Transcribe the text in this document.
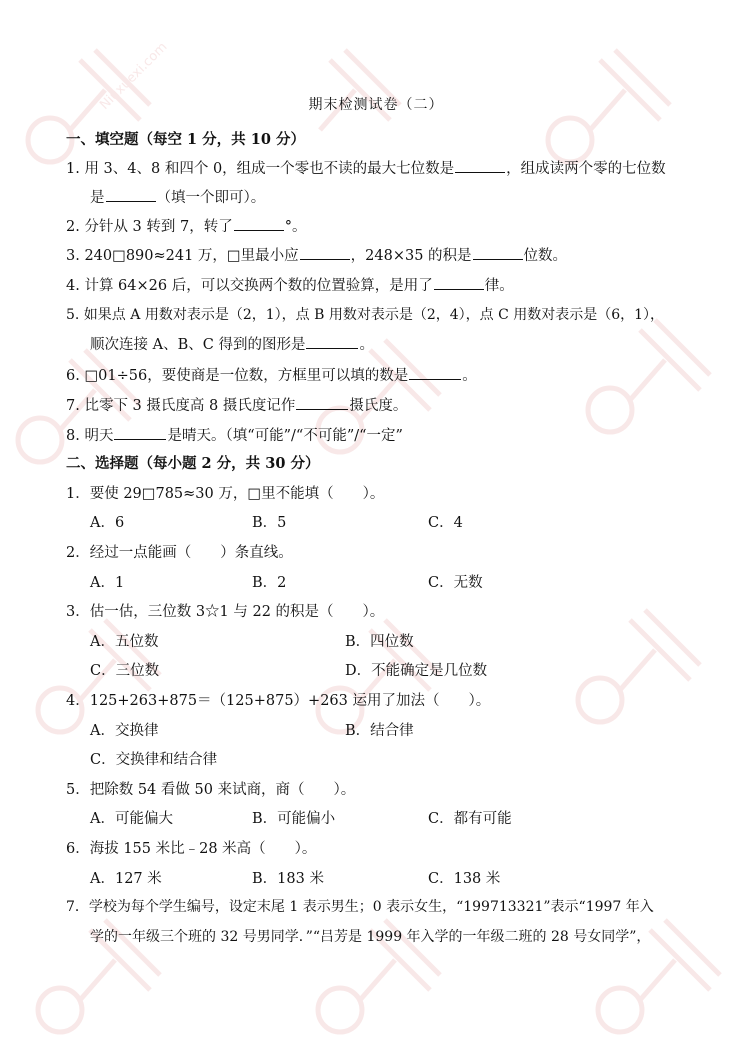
Niuxuexi.com	期末检测试卷（二）
一、填空题（每空 1 分，共 10 分）
1. 用 3、4、8 和四个 0，组成一个零也不读的最大七位数是	，组成读两个零的七位数
是	（填一个即可）。
2. 分针从 3 转到 7，转了	°。
3. 240□890≈241 万，□里最小应	，248×35 的积是	位数。
4. 计算 64×26 后，可以交换两个数的位置验算，是用了	律。
5. 如果点 A 用数对表示是（2，1），点 B 用数对表示是（2，4），点 C 用数对表示是（6，1），
顺次连接 A、B、C 得到的图形是	。
6. □01÷56，要使商是一位数，方框里可以填的数是	。
7. 比零下 3 摄氏度高 8 摄氏度记作	摄氏度。
8. 明天	是晴天。（填“可能”/“不可能”/“一定”
二、选择题（每小题 2 分，共 30 分）
1．要使 29□785≈30 万，□里不能填（　　）。
A．6	B．5	C．4
2．经过一点能画（　　）条直线。
A．1	B．2	C．无数
3．估一估，三位数 3☆1 与 22 的积是（　　）。
A．五位数	B．四位数
C．三位数	D．不能确定是几位数
4．125+263+875＝（125+875）+263 运用了加法（　　）。
A．交换律	B．结合律
C．交换律和结合律
5．把除数 54 看做 50 来试商，商（　　）。
A．可能偏大	B．可能偏小	C．都有可能
6．海拔 155 米比﹣28 米高（　　）。
A．127 米	B．183 米	C．138 米
7．学校为每个学生编号，设定末尾 1 表示男生；0 表示女生，“199713321”表示“1997 年入
学的一年级三个班的 32 号男同学．”“吕芳是 1999 年入学的一年级二班的 28 号女同学”，
